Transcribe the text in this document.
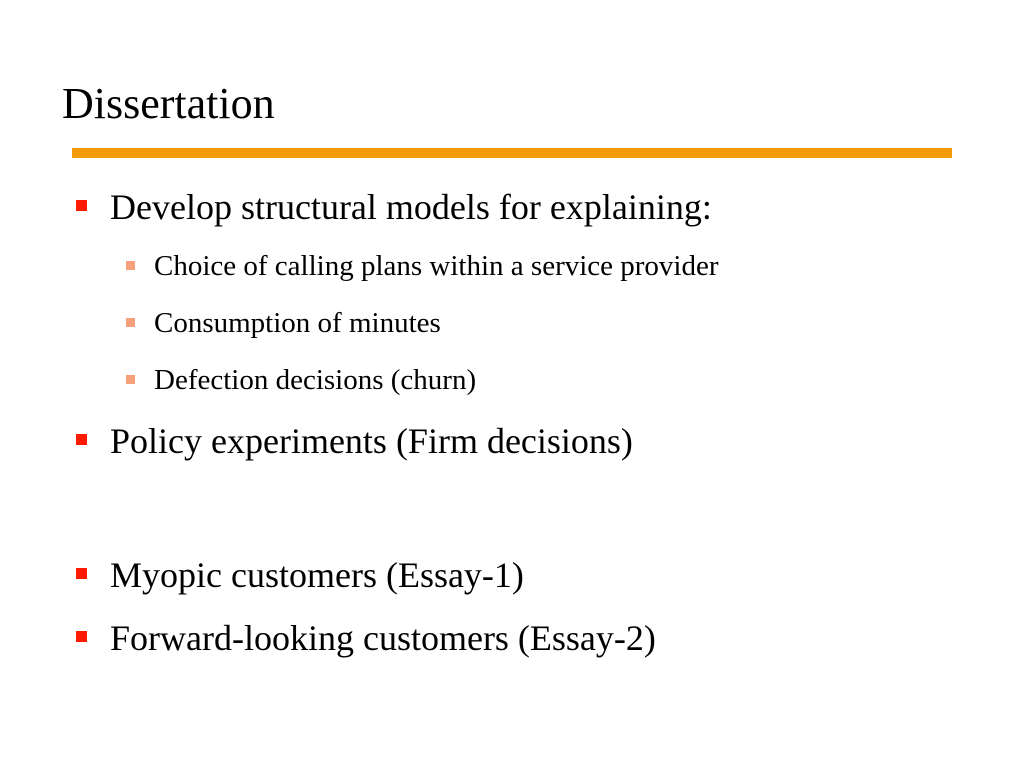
Dissertation
Develop structural models for explaining:
Choice of calling plans within a service provider
Consumption of minutes
Defection decisions (churn)
Policy experiments (Firm decisions)
Myopic customers (Essay-1)
Forward-looking customers (Essay-2)
